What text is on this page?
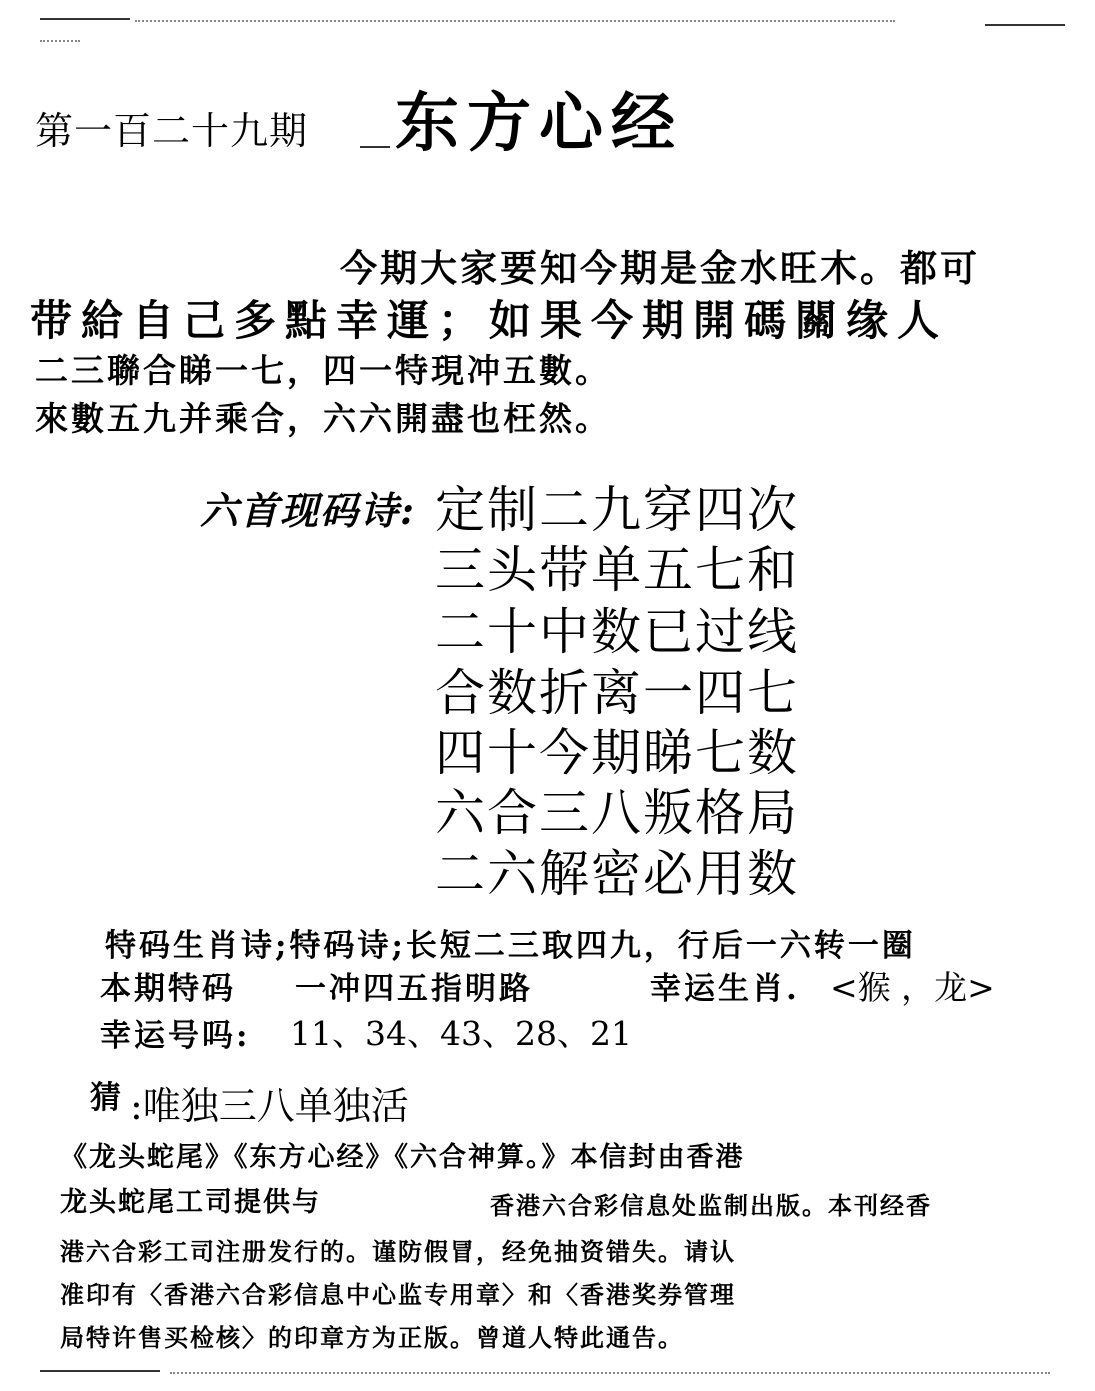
第一百二十九期 东方心经
今期大家要知今期是金水旺木。都可
带給自己多點幸運；如果今期開碼關缘人
二三聯合睇一七，四一特現冲五數。
來數五九并乘合，六六開盡也枉然。
六首现码诗: 定制二九穿四次
三头带单五七和
二十中数已过线
合数折离一四七
四十今期睇七数
六合三八叛格局
二六解密必用数
特码生肖诗;特码诗;长短二三取四九，行后一六转一圈
本期特码 一冲四五指明路	幸运生肖. <猴 ，龙>
幸运号吗: 11、34、43、28、21
猜 :唯独三八单独活
《龙头蛇尾》《东方心经》《六合神算。》本信封由香港
龙头蛇尾工司提供与	香港六合彩信息处监制出版。本刊经香
港六合彩工司注册发行的。谨防假冒，经免抽资错失。请认
准印有〈香港六合彩信息中心监专用章〉和〈香港奖券管理
局特许售买检核〉的印章方为正版。曾道人特此通告。
